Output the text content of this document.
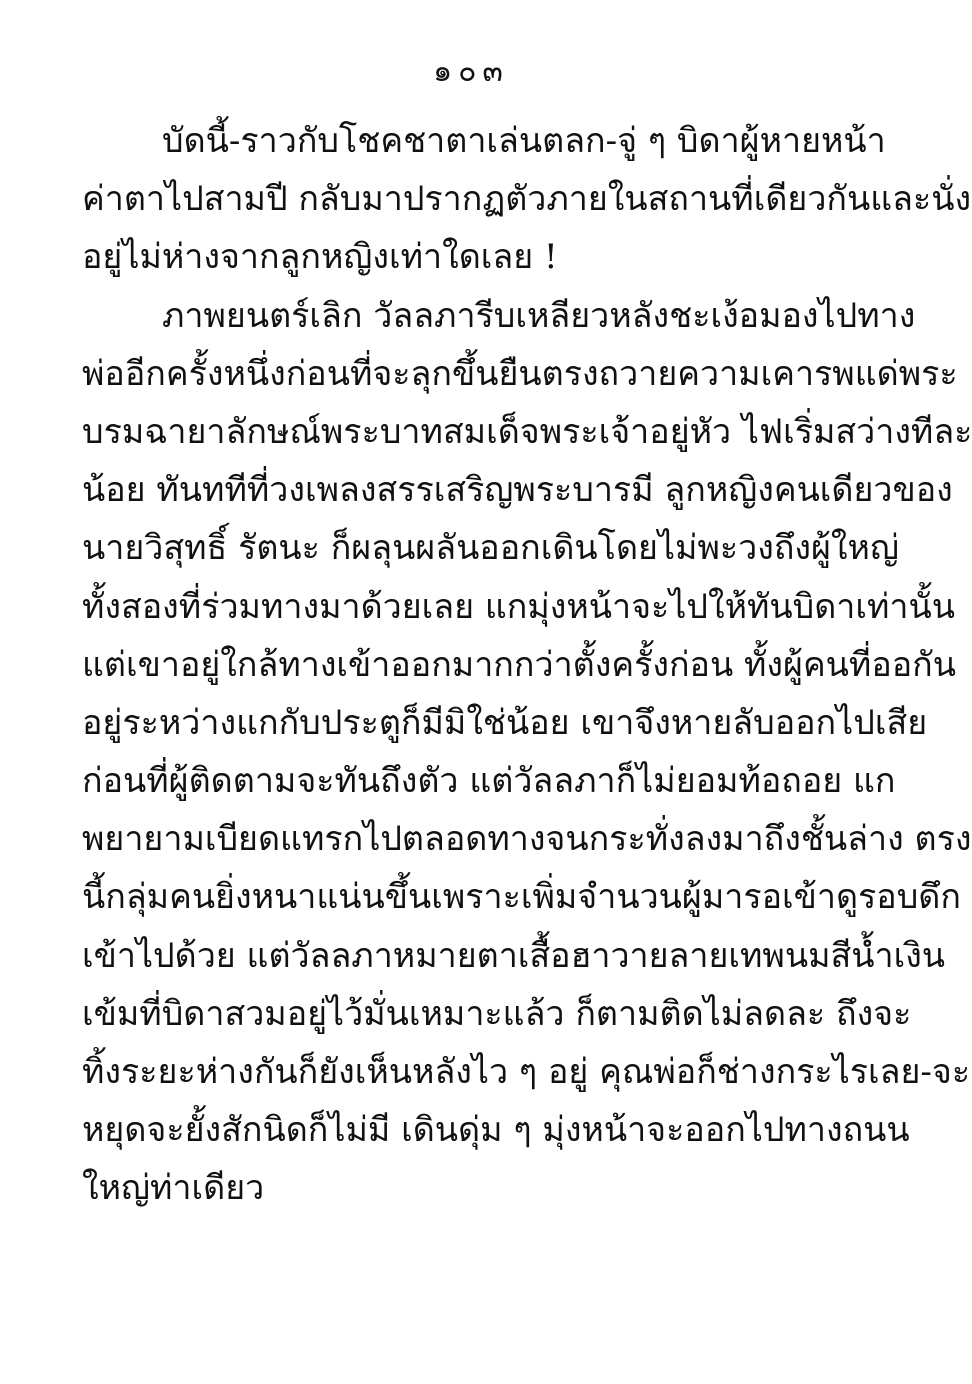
๑๐๓
บัดนี้-ราวกับโชคชาตาเล่นตลก-จู่ ๆ บิดาผู้หายหน้า
ค่าตาไปสามปี กลับมาปรากฏตัวภายในสถานที่เดียวกันและนั่ง
อยู่ไม่ห่างจากลูกหญิงเท่าใดเลย !
ภาพยนตร์เลิก วัลลภารีบเหลียวหลังชะเง้อมองไปทาง
พ่ออีกครั้งหนึ่งก่อนที่จะลุกขึ้นยืนตรงถวายความเคารพแด่พระ
บรมฉายาลักษณ์พระบาทสมเด็จพระเจ้าอยู่หัว ไฟเริ่มสว่างทีละ
น้อย ทันททีที่วงเพลงสรรเสริญพระบารมี ลูกหญิงคนเดียวของ
นายวิสุทธิ์ รัตนะ ก็ผลุนผลันออกเดินโดยไม่พะวงถึงผู้ใหญ่
ทั้งสองที่ร่วมทางมาด้วยเลย แกมุ่งหน้าจะไปให้ทันบิดาเท่านั้น
แต่เขาอยู่ใกล้ทางเข้าออกมากกว่าตั้งครั้งก่อน ทั้งผู้คนที่ออกัน
อยู่ระหว่างแกกับประตูก็มีมิใช่น้อย เขาจึงหายลับออกไปเสีย
ก่อนที่ผู้ติดตามจะทันถึงตัว แต่วัลลภาก็ไม่ยอมท้อถอย แก
พยายามเบียดแทรกไปตลอดทางจนกระทั่งลงมาถึงชั้นล่าง ตรง
นี้กลุ่มคนยิ่งหนาแน่นขึ้นเพราะเพิ่มจำนวนผู้มารอเข้าดูรอบดึก
เข้าไปด้วย แต่วัลลภาหมายตาเสื้อฮาวายลายเทพนมสีน้ำเงิน
เข้มที่บิดาสวมอยู่ไว้มั่นเหมาะแล้ว ก็ตามติดไม่ลดละ ถึงจะ
ทิ้งระยะห่างกันก็ยังเห็นหลังไว ๆ อยู่ คุณพ่อก็ช่างกระไรเลย-จะ
หยุดจะยั้งสักนิดก็ไม่มี เดินดุ่ม ๆ มุ่งหน้าจะออกไปทางถนน
ใหญ่ท่าเดียว
